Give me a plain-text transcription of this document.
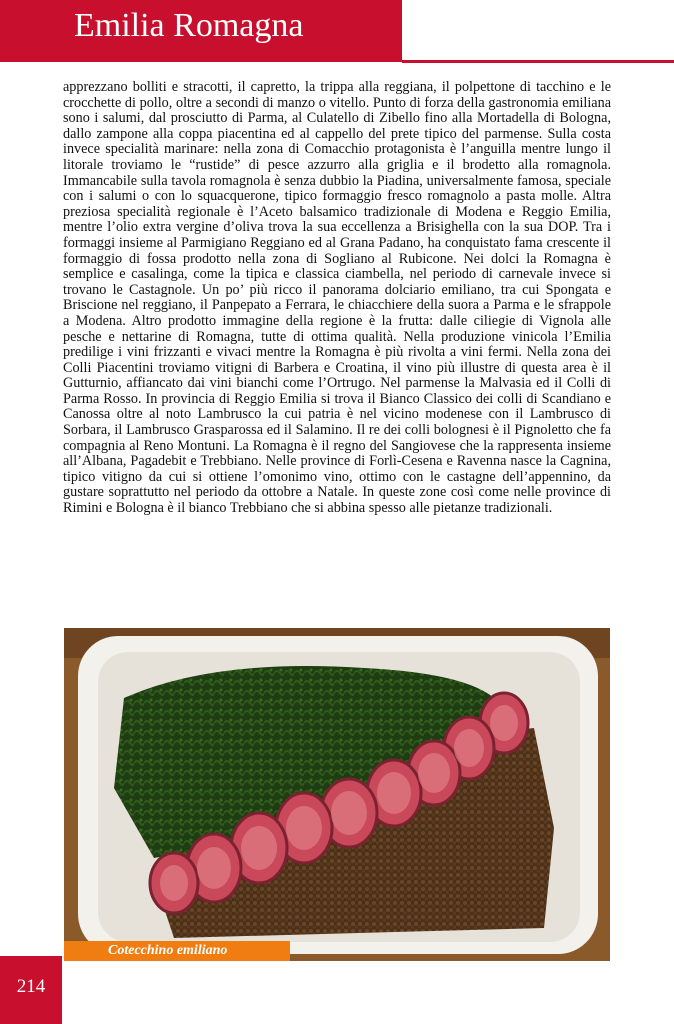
Emilia Romagna

apprezzano bolliti e stracotti, il capretto, la trippa alla reggiana, il polpettone di tacchino e le crocchette di pollo, oltre a secondi di manzo o vitello. Punto di forza della gastronomia emiliana sono i salumi, dal prosciutto di Parma, al Culatello di Zibello fino alla Mortadella di Bologna, dallo zampone alla coppa piacentina ed al cappello del prete tipico del parmense. Sulla costa invece specialità marinare: nella zona di Comacchio protagonista è l’anguilla mentre lungo il litorale troviamo le “rustide” di pesce azzurro alla griglia e il brodetto alla romagnola. Immancabile sulla tavola romagnola è senza dubbio la Piadina, universalmente famosa, speciale con i salumi o con lo squacquerone, tipico formaggio fresco romagnolo a pasta molle. Altra preziosa specialità regionale è l’Aceto balsamico tradizionale di Modena e Reggio Emilia, mentre l’olio extra vergine d’oliva trova la sua eccellenza a Brisighella con la sua DOP. Tra i formaggi insieme al Parmigiano Reggiano ed al Grana Padano, ha conquistato fama crescente il formaggio di fossa prodotto nella zona di Sogliano al Rubicone. Nei dolci la Romagna è semplice e casalinga, come la tipica e classica ciambella, nel periodo di carnevale invece si trovano le Castagnole. Un po’ più ricco il panorama dolciario emiliano, tra cui Spongata e Briscione nel reggiano, il Panpepato a Ferrara, le chiacchiere della suora a Parma e le sfrappole a Modena. Altro prodotto immagine della regione è la frutta: dalle ciliegie di Vignola alle pesche e nettarine di Romagna, tutte di ottima qualità. Nella produzione vinicola l’Emilia predilige i vini frizzanti e vivaci mentre la Romagna è più rivolta a vini fermi. Nella zona dei Colli Piacentini troviamo vitigni di Barbera e Croatina, il vino più illustre di questa area è il Gutturnio, affiancato dai vini bianchi come l’Ortrugo. Nel parmense la Malvasia ed il Colli di Parma Rosso. In provincia di Reggio Emilia si trova il Bianco Classico dei colli di Scandiano e Canossa oltre al noto Lambrusco la cui patria è nel vicino modenese con il Lambrusco di Sorbara, il Lambrusco Grasparossa ed il Salamino. Il re dei colli bolognesi è il Pignoletto che fa compagnia al Reno Montuni. La Romagna è il regno del Sangiovese che la rappresenta insieme all’Albana, Pagadebit e Trebbiano. Nelle province di Forlì-Cesena e Ravenna nasce la Cagnina, tipico vitigno da cui si ottiene l’omonimo vino, ottimo con le castagne dell’appennino, da gustare soprattutto nel periodo da ottobre a Natale. In queste zone così come nelle province di Rimini e Bologna è il bianco Trebbiano che si abbina spesso alle pietanze tradizionali.

Cotecchino emiliano
214
